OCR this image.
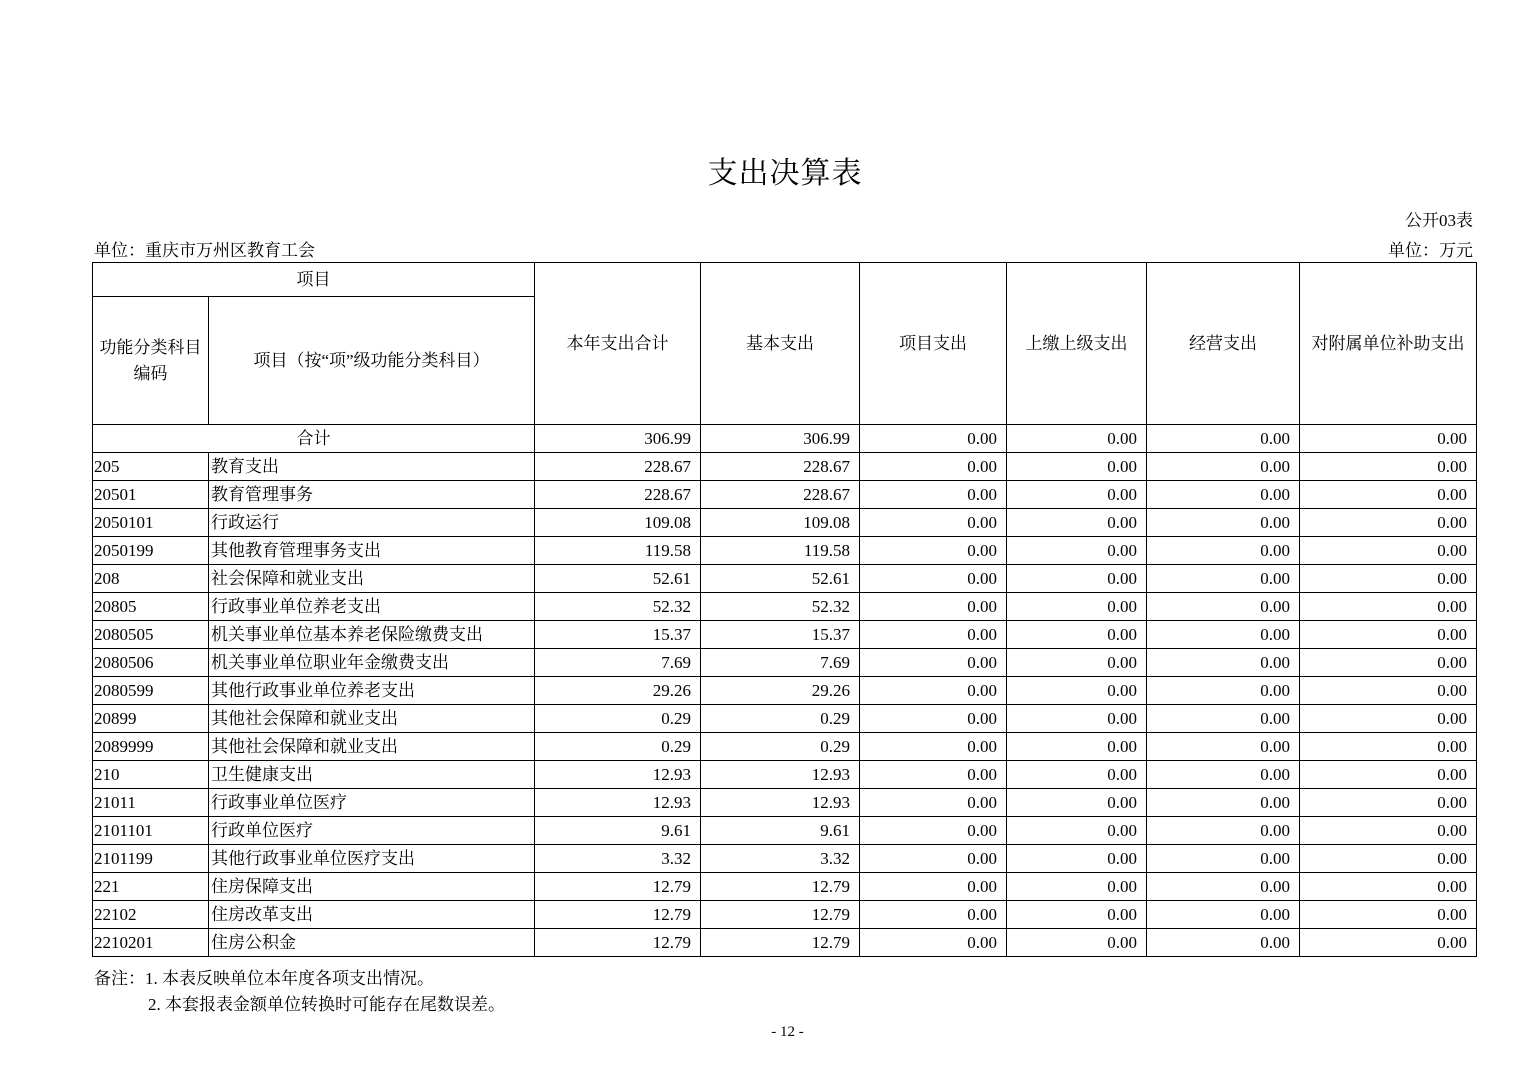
支出决算表
公开03表
单位：重庆市万州区教育工会	单位：万元
项目		本年支出合计	基本支出	项目支出	上缴上级支出	经营支出	对附属单位补助支出
功能分类科目编码	项目（按“项”级功能分类科目）						
合计		306.99	306.99	0.00	0.00	0.00	0.00
205	教育支出	228.67	228.67	0.00	0.00	0.00	0.00
20501	教育管理事务	228.67	228.67	0.00	0.00	0.00	0.00
2050101	行政运行	109.08	109.08	0.00	0.00	0.00	0.00
2050199	其他教育管理事务支出	119.58	119.58	0.00	0.00	0.00	0.00
208	社会保障和就业支出	52.61	52.61	0.00	0.00	0.00	0.00
20805	行政事业单位养老支出	52.32	52.32	0.00	0.00	0.00	0.00
2080505	机关事业单位基本养老保险缴费支出	15.37	15.37	0.00	0.00	0.00	0.00
2080506	机关事业单位职业年金缴费支出	7.69	7.69	0.00	0.00	0.00	0.00
2080599	其他行政事业单位养老支出	29.26	29.26	0.00	0.00	0.00	0.00
20899	其他社会保障和就业支出	0.29	0.29	0.00	0.00	0.00	0.00
2089999	其他社会保障和就业支出	0.29	0.29	0.00	0.00	0.00	0.00
210	卫生健康支出	12.93	12.93	0.00	0.00	0.00	0.00
21011	行政事业单位医疗	12.93	12.93	0.00	0.00	0.00	0.00
2101101	行政单位医疗	9.61	9.61	0.00	0.00	0.00	0.00
2101199	其他行政事业单位医疗支出	3.32	3.32	0.00	0.00	0.00	0.00
221	住房保障支出	12.79	12.79	0.00	0.00	0.00	0.00
22102	住房改革支出	12.79	12.79	0.00	0.00	0.00	0.00
2210201	住房公积金	12.79	12.79	0.00	0.00	0.00	0.00
备注：1. 本表反映单位本年度各项支出情况。
2. 本套报表金额单位转换时可能存在尾数误差。
- 12 -
